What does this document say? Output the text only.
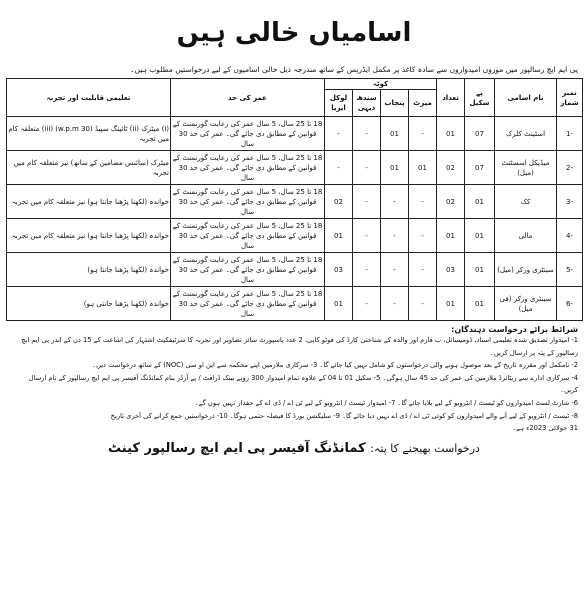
اسامیاں خالی ہیں
پی ایم ایچ رسالپور میں موزوں امیدواروں سے سادہ کاغذ پر مکمل ایڈریس کے ساتھ مندرجہ ذیل خالی اسامیوں کے لیے درخواستیں مطلوب ہیں۔
نمبر شمار	نام اسامی	پے سکیل	تعداد	کوٹہ				عمر کی حد	تعلیمی قابلیت اور تجربہ
				میرٹ	پنجاب	سندھ دیہی	لوکل ایریا		
-1	اسٹینٹ کلرک	07	01	-	01	-	-	18 تا 25 سال، 5 سال عمر کی رعایت گورنمنٹ کے قوانین کے مطابق دی جائے گی۔ عمر کی حد 30 سال	(i) میٹرک (ii) ٹائپنگ سپیڈ (30 w.p.m) (iii) متعلقہ کام میں تجربہ
-2	میڈیکل اسسٹنٹ (میل)	07	02	01	01	-	-	18 تا 25 سال، 5 سال عمر کی رعایت گورنمنٹ کے قوانین کے مطابق دی جائے گی۔ عمر کی حد 30 سال	میٹرک (سائنس مضامین کے ساتھ) نیز متعلقہ کام میں تجربہ
-3	کک	01	02	-	-	-	02	18 تا 25 سال، 5 سال عمر کی رعایت گورنمنٹ کے قوانین کے مطابق دی جائے گی۔ عمر کی حد 30 سال	خواندہ (لکھنا پڑھنا جانتا ہو) نیز متعلقہ کام میں تجربہ
-4	مالی	01	01	-	-	-	01	18 تا 25 سال، 5 سال عمر کی رعایت گورنمنٹ کے قوانین کے مطابق دی جائے گی۔ عمر کی حد 30 سال	خواندہ (لکھنا پڑھنا جانتا ہو) نیز متعلقہ کام میں تجربہ
-5	سینٹری ورکر (میل)	01	03	-	-	-	03	18 تا 25 سال، 5 سال عمر کی رعایت گورنمنٹ کے قوانین کے مطابق دی جائے گی۔ عمر کی حد 30 سال	خواندہ (لکھنا پڑھنا جانتا ہو)
-6	سینٹری ورکر (فی میل)	01	01	-	-	-	01	18 تا 25 سال، 5 سال عمر کی رعایت گورنمنٹ کے قوانین کے مطابق دی جائے گی۔ عمر کی حد 30 سال	خواندہ (لکھنا پڑھنا جانتی ہو)
شرائط برائے درخواست دہندگان:
1- امیدوار تصدیق شدہ تعلیمی اسناد، ڈومیسائل، ب فارم اور والدہ کے شناختی کارڈ کی فوٹو کاپی، 2 عدد پاسپورٹ سائز تصاویر اور تجربہ کا سرٹیفکیٹ اشتہار کی اشاعت کے 15 دن کے اندر پی ایم ایچ رسالپور کے پتہ پر ارسال کریں۔
2- نامکمل اور مقررہ تاریخ کے بعد موصول ہونے والی درخواستوں کو شامل نہیں کیا جائے گا۔ 3- سرکاری ملازمین اپنے محکمہ سے این او سی (NOC) کے ساتھ درخواست دیں۔
4- سرکاری ادارے سے ریٹائرڈ ملازمین کی عمر کی حد 45 سال ہوگی۔ 5- سکیل 01 تا 04 کے علاوہ تمام امیدوار 300 روپے بینک ڈرافٹ / پے آرڈر بنام کمانڈنگ آفیسر پی ایم ایچ رسالپور کے نام ارسال کریں۔
6- شارٹ لسٹ امیدواروں کو ٹیسٹ / انٹرویو کے لیے بلایا جائے گا۔ 7- امیدوار ٹیسٹ / انٹرویو کے لیے ٹی اے / ڈی اے کے حقدار نہیں ہوں گے۔
8- ٹیسٹ / انٹرویو کے لیے آنے والے امیدواروں کو کوئی ٹی اے / ڈی اے نہیں دیا جائے گا۔ 9- سلیکشن بورڈ کا فیصلہ حتمی ہوگا۔ 10- درخواستیں جمع کرانے کی آخری تاریخ
31 جولائی 2023ء ہے۔
درخواست بھیجنے کا پتہ: کمانڈنگ آفیسر پی ایم ایچ رسالپور کینٹ
